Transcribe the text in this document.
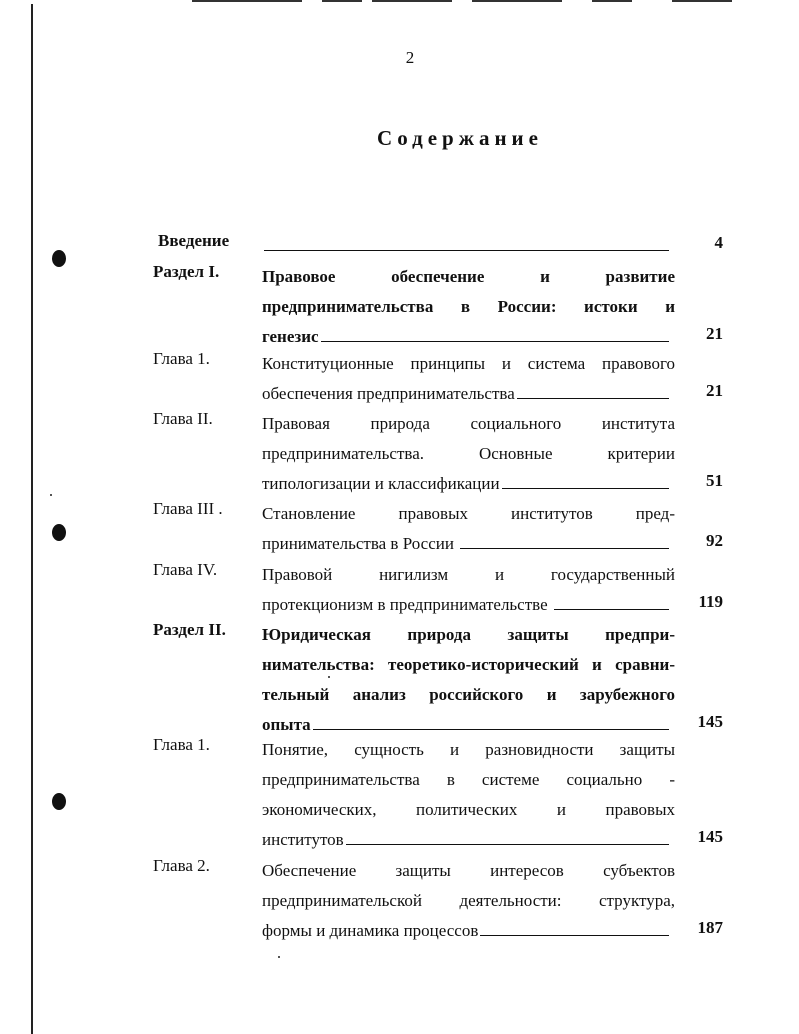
2
Содержание
Введение	4
Раздел I.	Правовое обеспечение и развитие
предпринимательства в России: истоки и
генезис	21
Глава 1.	Конституционные принципы и система правового
обеспечения предпринимательства	21
Глава II.	Правовая природа социального института
предпринимательства. Основные критерии
типологизации и классификации	51
Глава III . Становление правовых институтов пред-
принимательства в России	92
Глава IV.	Правовой нигилизм и государственный
протекционизм в предпринимательстве	119
Раздел II. Юридическая природа защиты предпри-
нимательства: теоретико-исторический и сравни-
тельный анализ российского и зарубежного
опыта	145
Глава 1.	Понятие, сущность и разновидности защиты
предпринимательства в системе социально -
экономических, политических и правовых
институтов	145
Глава 2.	Обеспечение защиты интересов субъектов
предпринимательской деятельности: структура,
формы и динамика процессов	187
